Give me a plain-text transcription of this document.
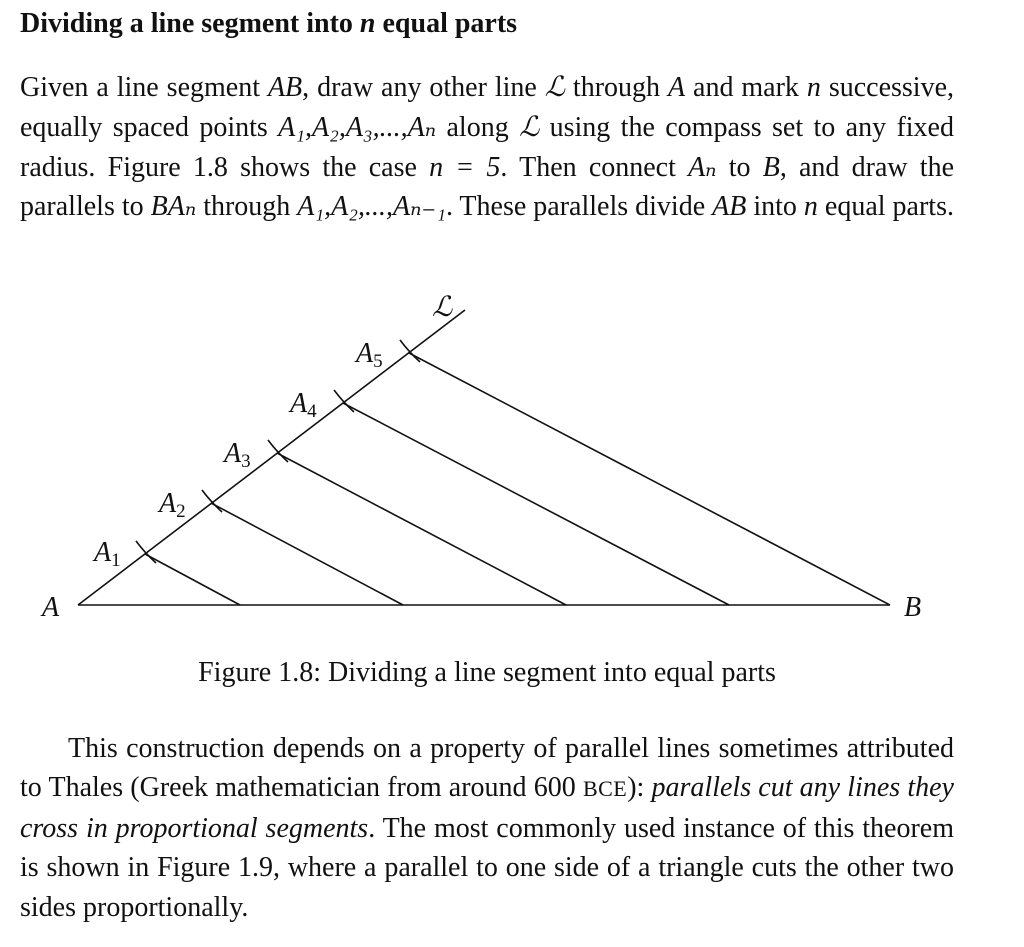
Dividing a line segment into n equal parts

Given a line segment AB, draw any other line ℒ through A and mark n successive, equally spaced points A₁,A₂,A₃,...,Aₙ along ℒ using the compass set to any fixed radius. Figure 1.8 shows the case n = 5. Then connect Aₙ to B, and draw the parallels to BAₙ through A₁,A₂,...,Aₙ₋₁. These parallels divide AB into n equal parts.

ℒ
A	B
A1
A2
A3
A4
A5

Figure 1.8: Dividing a line segment into equal parts

This construction depends on a property of parallel lines sometimes attributed to Thales (Greek mathematician from around 600 BCE): parallels cut any lines they cross in proportional segments. The most commonly used instance of this theorem is shown in Figure 1.9, where a parallel to one side of a triangle cuts the other two sides proportionally.
